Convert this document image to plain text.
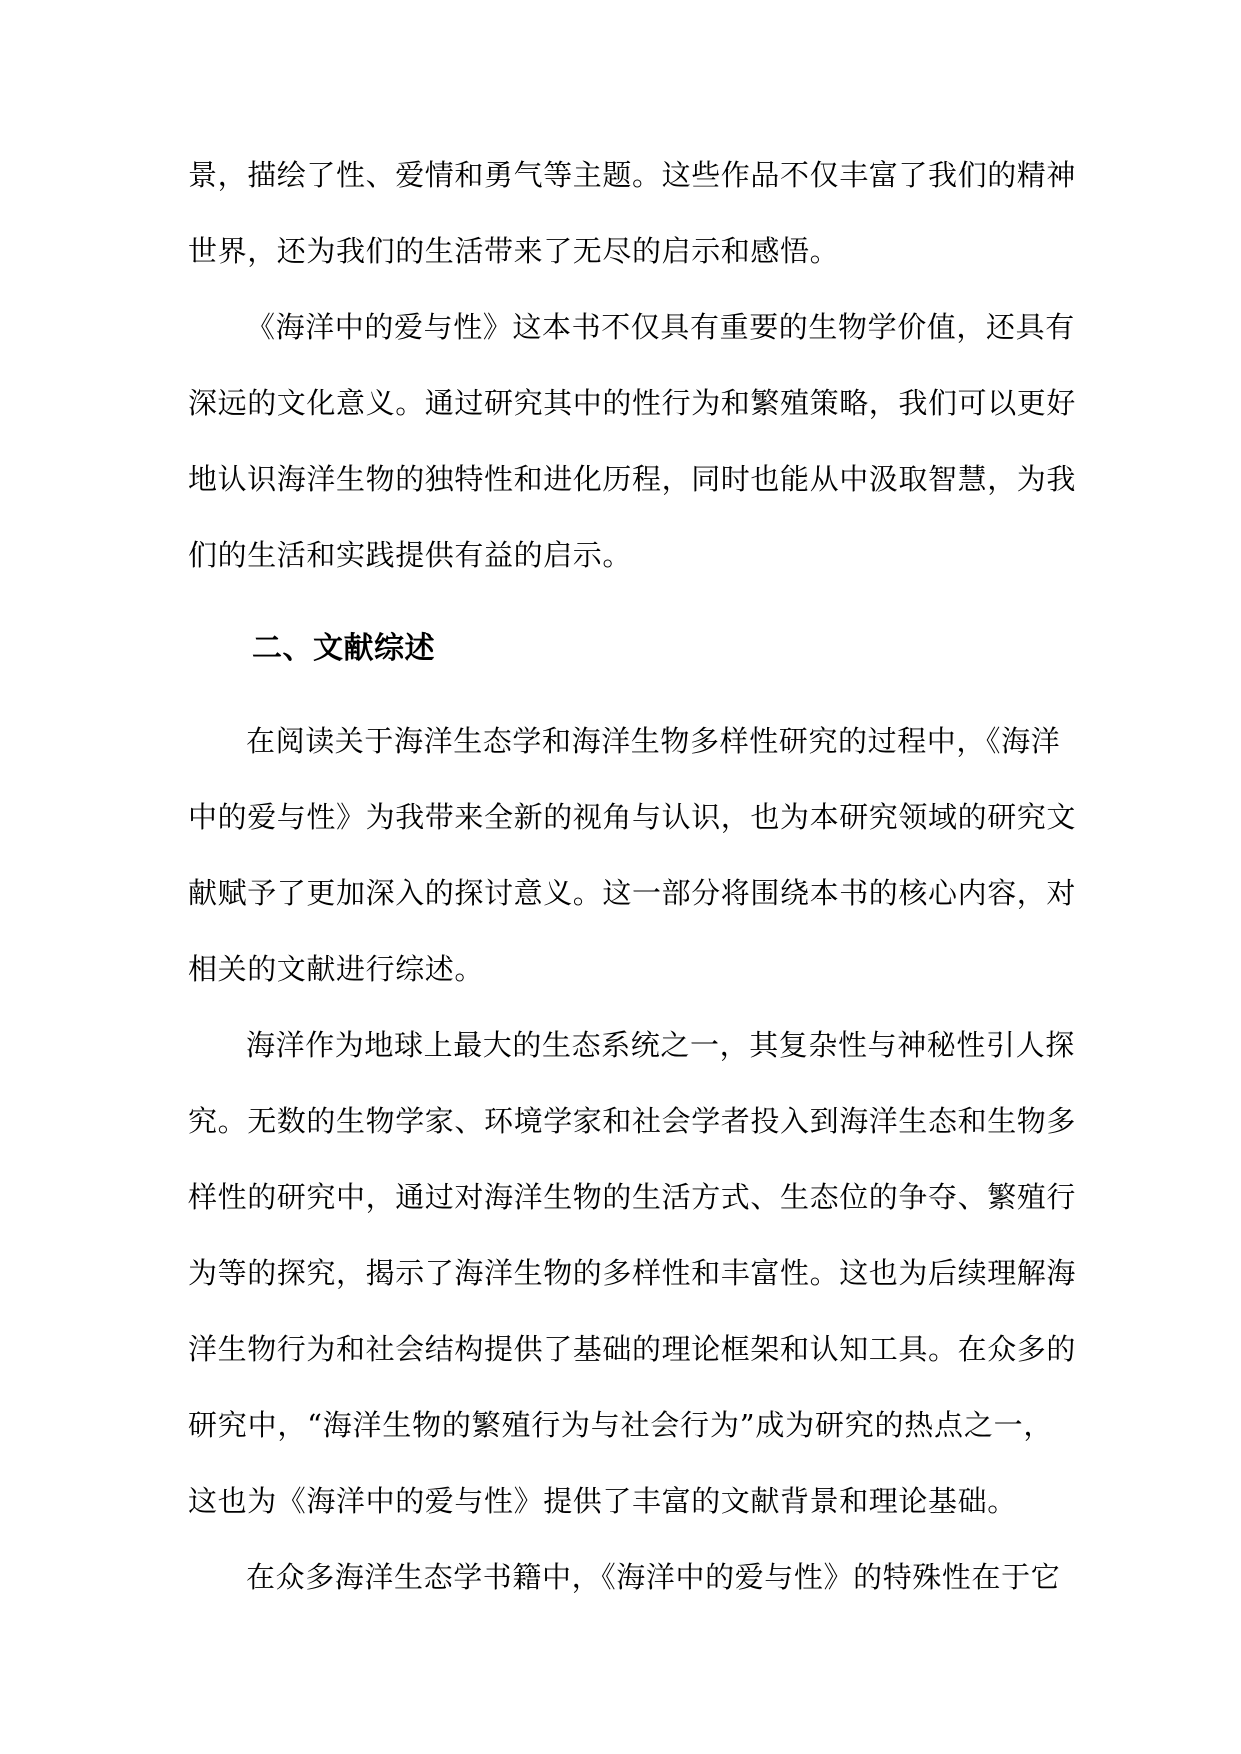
景，描绘了性、爱情和勇气等主题。这些作品不仅丰富了我们的精神
世界，还为我们的生活带来了无尽的启示和感悟。
《海洋中的爱与性》这本书不仅具有重要的生物学价值，还具有
深远的文化意义。通过研究其中的性行为和繁殖策略，我们可以更好
地认识海洋生物的独特性和进化历程，同时也能从中汲取智慧，为我
们的生活和实践提供有益的启示。
二、文献综述
在阅读关于海洋生态学和海洋生物多样性研究的过程中，《海洋
中的爱与性》为我带来全新的视角与认识，也为本研究领域的研究文
献赋予了更加深入的探讨意义。这一部分将围绕本书的核心内容，对
相关的文献进行综述。
海洋作为地球上最大的生态系统之一，其复杂性与神秘性引人探
究。无数的生物学家、环境学家和社会学者投入到海洋生态和生物多
样性的研究中，通过对海洋生物的生活方式、生态位的争夺、繁殖行
为等的探究，揭示了海洋生物的多样性和丰富性。这也为后续理解海
洋生物行为和社会结构提供了基础的理论框架和认知工具。在众多的
研究中，“海洋生物的繁殖行为与社会行为”成为研究的热点之一，
这也为《海洋中的爱与性》提供了丰富的文献背景和理论基础。
在众多海洋生态学书籍中，《海洋中的爱与性》的特殊性在于它
